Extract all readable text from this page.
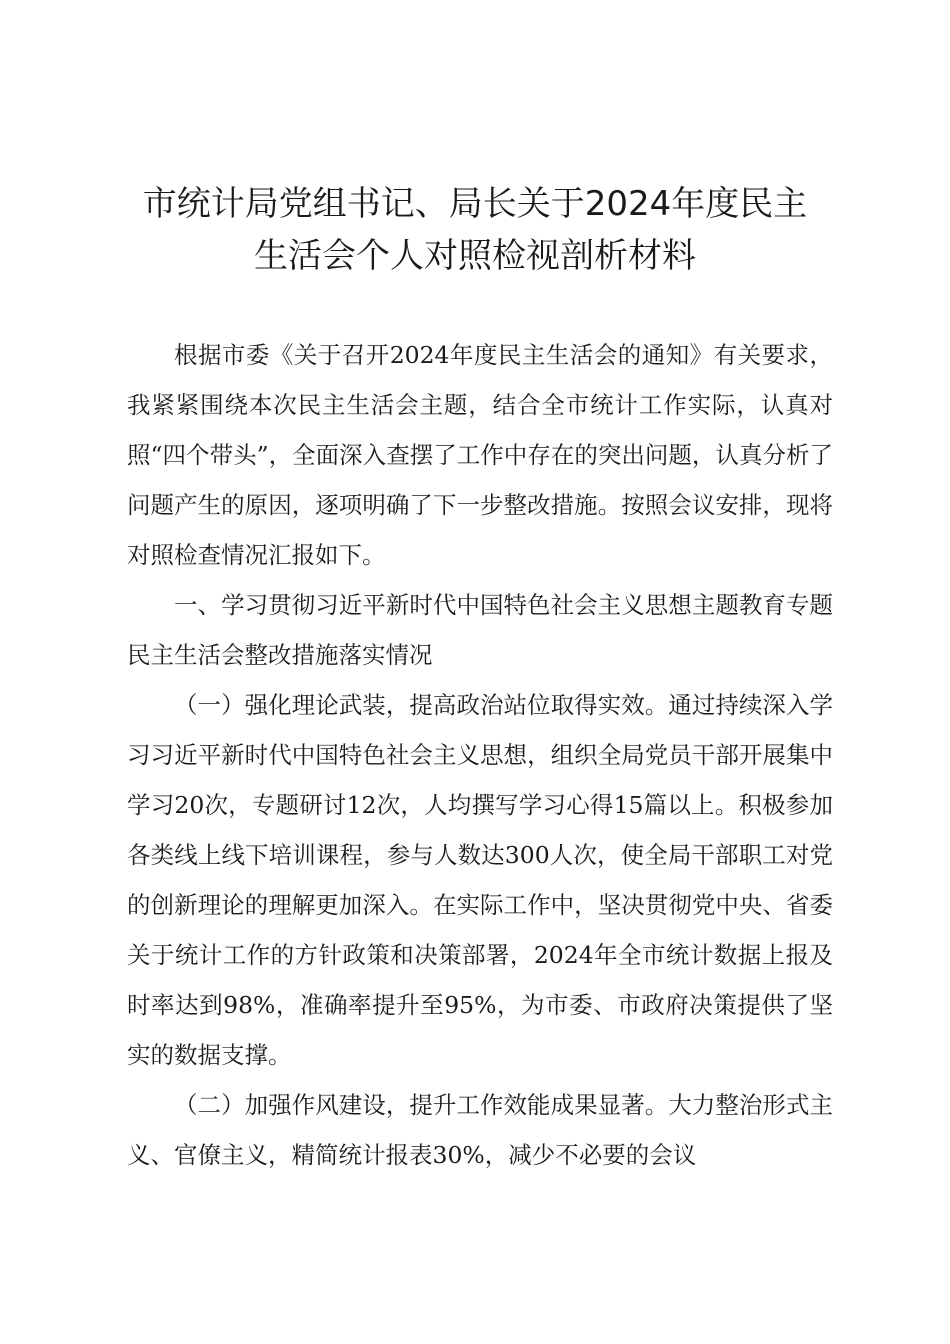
市统计局党组书记、局长关于2024年度民主
生活会个人对照检视剖析材料

根据市委《关于召开2024年度民主生活会的通知》有关要求，我紧紧围绕本次民主生活会主题，结合全市统计工作实际，认真对照“四个带头”，全面深入查摆了工作中存在的突出问题，认真分析了问题产生的原因，逐项明确了下一步整改措施。按照会议安排，现将对照检查情况汇报如下。

一、学习贯彻习近平新时代中国特色社会主义思想主题教育专题民主生活会整改措施落实情况

（一）强化理论武装，提高政治站位取得实效。通过持续深入学习习近平新时代中国特色社会主义思想，组织全局党员干部开展集中学习20次，专题研讨12次，人均撰写学习心得15篇以上。积极参加各类线上线下培训课程，参与人数达300人次，使全局干部职工对党的创新理论的理解更加深入。在实际工作中，坚决贯彻党中央、省委关于统计工作的方针政策和决策部署，2024年全市统计数据上报及时率达到98%，准确率提升至95%，为市委、市政府决策提供了坚实的数据支撑。

（二）加强作风建设，提升工作效能成果显著。大力整治形式主义、官僚主义，精简统计报表30%，减少不必要的会议
